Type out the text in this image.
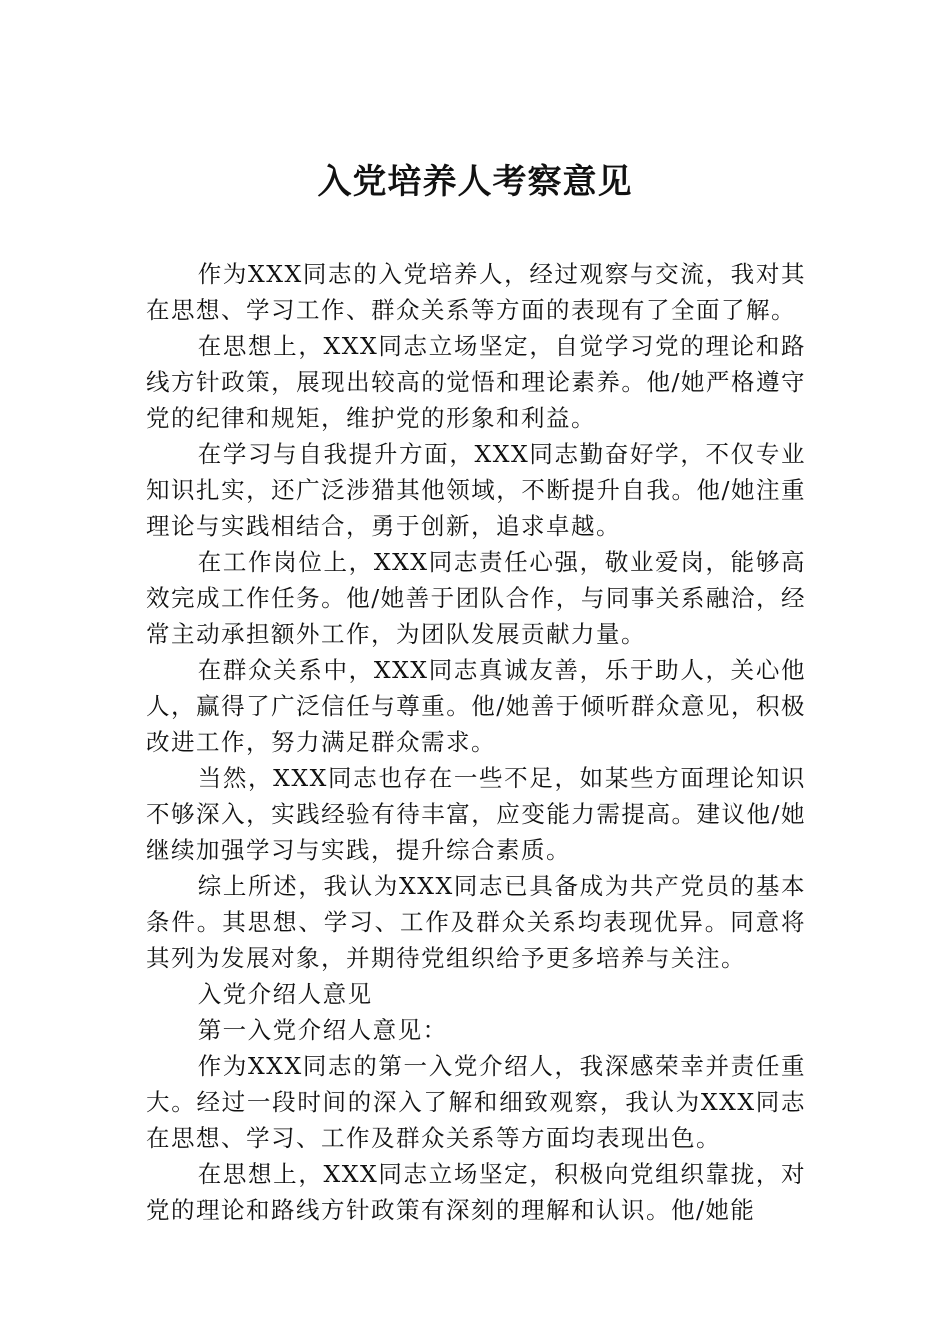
入党培养人考察意见

作为XXX同志的入党培养人，经过观察与交流，我对其在思想、学习工作、群众关系等方面的表现有了全面了解。

在思想上，XXX同志立场坚定，自觉学习党的理论和路线方针政策，展现出较高的觉悟和理论素养。他/她严格遵守党的纪律和规矩，维护党的形象和利益。

在学习与自我提升方面，XXX同志勤奋好学，不仅专业知识扎实，还广泛涉猎其他领域，不断提升自我。他/她注重理论与实践相结合，勇于创新，追求卓越。

在工作岗位上，XXX同志责任心强，敬业爱岗，能够高效完成工作任务。他/她善于团队合作，与同事关系融洽，经常主动承担额外工作，为团队发展贡献力量。

在群众关系中，XXX同志真诚友善，乐于助人，关心他人，赢得了广泛信任与尊重。他/她善于倾听群众意见，积极改进工作，努力满足群众需求。

当然，XXX同志也存在一些不足，如某些方面理论知识不够深入，实践经验有待丰富，应变能力需提高。建议他/她继续加强学习与实践，提升综合素质。

综上所述，我认为XXX同志已具备成为共产党员的基本条件。其思想、学习、工作及群众关系均表现优异。同意将其列为发展对象，并期待党组织给予更多培养与关注。

入党介绍人意见

第一入党介绍人意见：

作为XXX同志的第一入党介绍人，我深感荣幸并责任重大。经过一段时间的深入了解和细致观察，我认为XXX同志在思想、学习、工作及群众关系等方面均表现出色。

在思想上，XXX同志立场坚定，积极向党组织靠拢，对党的理论和路线方针政策有深刻的理解和认识。他/她能
